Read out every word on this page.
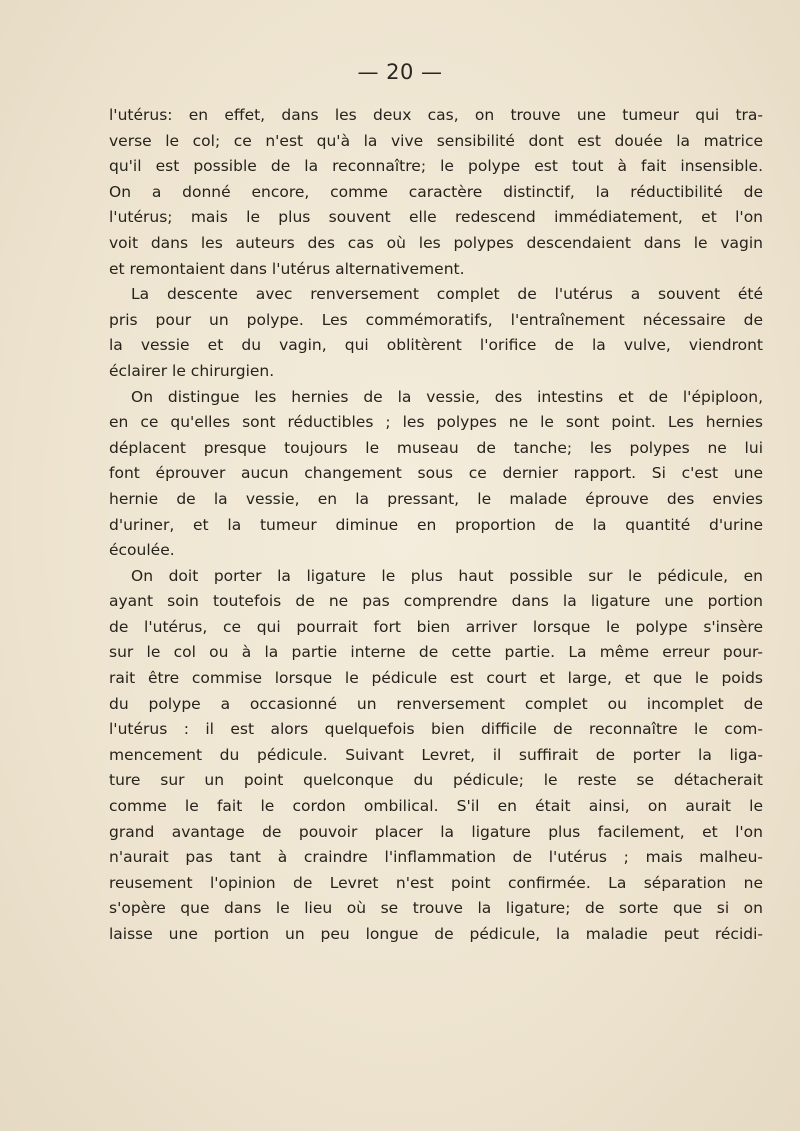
— 20 —
l'utérus: en effet, dans les deux cas, on trouve une tumeur qui tra-
verse le col; ce n'est qu'à la vive sensibilité dont est douée la matrice
qu'il est possible de la reconnaître; le polype est tout à fait insensible.
On a donné encore, comme caractère distinctif, la réductibilité de
l'utérus; mais le plus souvent elle redescend immédiatement, et l'on
voit dans les auteurs des cas où les polypes descendaient dans le vagin
et remontaient dans l'utérus alternativement.
La descente avec renversement complet de l'utérus a souvent été
pris pour un polype. Les commémoratifs, l'entraînement nécessaire de
la vessie et du vagin, qui oblitèrent l'orifice de la vulve, viendront
éclairer le chirurgien.
On distingue les hernies de la vessie, des intestins et de l'épiploon,
en ce qu'elles sont réductibles ; les polypes ne le sont point. Les hernies
déplacent presque toujours le museau de tanche; les polypes ne lui
font éprouver aucun changement sous ce dernier rapport. Si c'est une
hernie de la vessie, en la pressant, le malade éprouve des envies
d'uriner, et la tumeur diminue en proportion de la quantité d'urine
écoulée.
On doit porter la ligature le plus haut possible sur le pédicule, en
ayant soin toutefois de ne pas comprendre dans la ligature une portion
de l'utérus, ce qui pourrait fort bien arriver lorsque le polype s'insère
sur le col ou à la partie interne de cette partie. La même erreur pour-
rait être commise lorsque le pédicule est court et large, et que le poids
du polype a occasionné un renversement complet ou incomplet de
l'utérus : il est alors quelquefois bien difficile de reconnaître le com-
mencement du pédicule. Suivant Levret, il suffirait de porter la liga-
ture sur un point quelconque du pédicule; le reste se détacherait
comme le fait le cordon ombilical. S'il en était ainsi, on aurait le
grand avantage de pouvoir placer la ligature plus facilement, et l'on
n'aurait pas tant à craindre l'inflammation de l'utérus ; mais malheu-
reusement l'opinion de Levret n'est point confirmée. La séparation ne
s'opère que dans le lieu où se trouve la ligature; de sorte que si on
laisse une portion un peu longue de pédicule, la maladie peut récidi-
